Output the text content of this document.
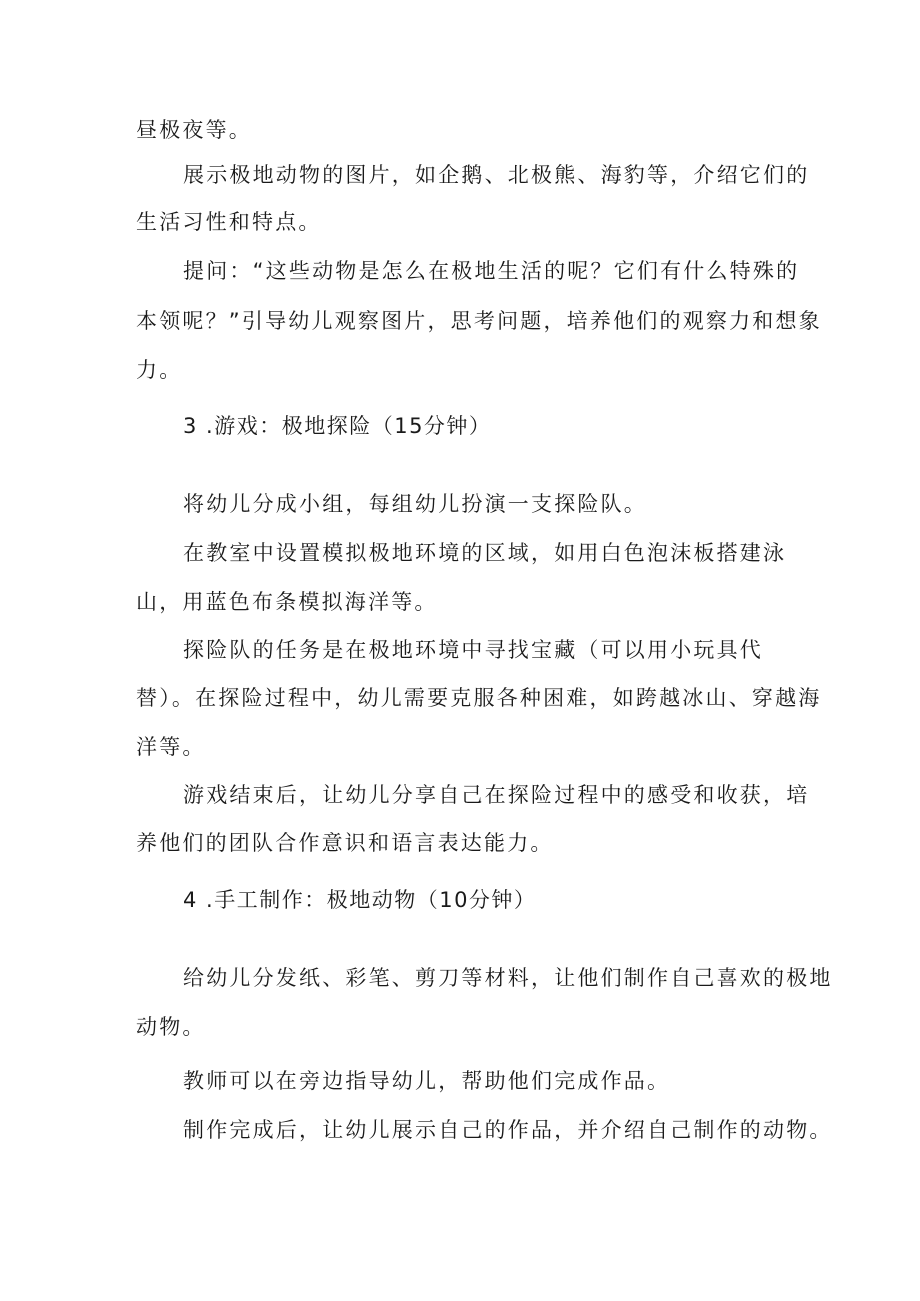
昼极夜等。
展示极地动物的图片，如企鹅、北极熊、海豹等，介绍它们的
生活习性和特点。
提问：“这些动物是怎么在极地生活的呢？它们有什么特殊的
本领呢？”引导幼儿观察图片，思考问题，培养他们的观察力和想象
力。
3 .游戏：极地探险（15分钟）
将幼儿分成小组，每组幼儿扮演一支探险队。
在教室中设置模拟极地环境的区域，如用白色泡沫板搭建泳
山，用蓝色布条模拟海洋等。
探险队的任务是在极地环境中寻找宝藏（可以用小玩具代
替）。在探险过程中，幼儿需要克服各种困难，如跨越冰山、穿越海
洋等。
游戏结束后，让幼儿分享自己在探险过程中的感受和收获，培
养他们的团队合作意识和语言表达能力。
4 .手工制作：极地动物（10分钟）
给幼儿分发纸、彩笔、剪刀等材料，让他们制作自己喜欢的极地
动物。
教师可以在旁边指导幼儿，帮助他们完成作品。
制作完成后，让幼儿展示自己的作品，并介绍自己制作的动物。
